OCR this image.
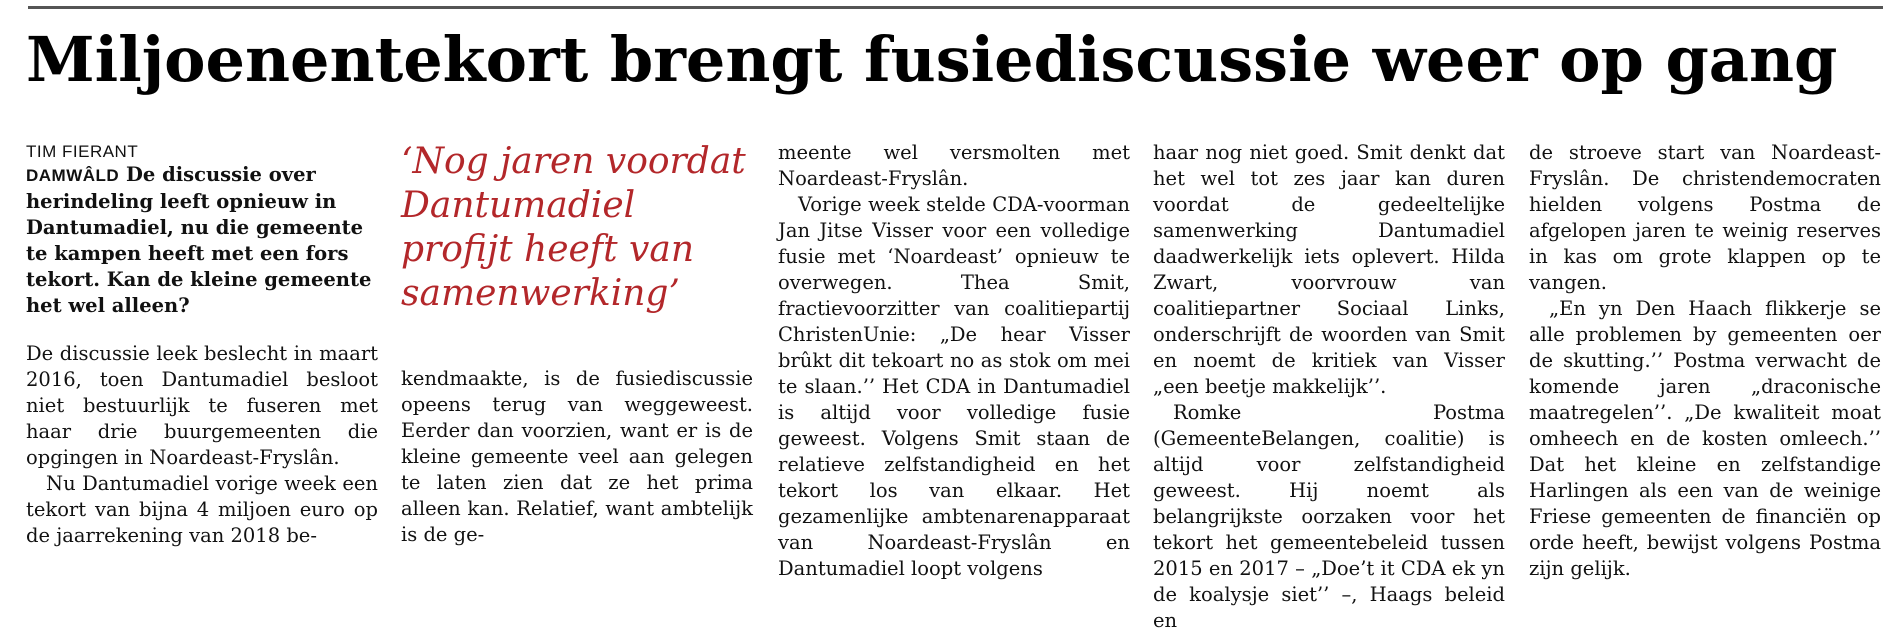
Miljoenentekort brengt fusiediscussie weer op gang

TIM FIERANT

DAMWÂLD De discussie over herindeling leeft opnieuw in Dantumadiel, nu die gemeente te kampen heeft met een fors tekort. Kan de kleine gemeente het wel alleen?

De discussie leek beslecht in maart 2016, toen Dantumadiel besloot niet bestuurlijk te fuseren met haar drie buurgemeenten die opgingen in Noardeast-Fryslân.

Nu Dantumadiel vorige week een tekort van bijna 4 miljoen euro op de jaarrekening van 2018 be-

‘Nog jaren voordat Dantumadiel profijt heeft van samenwerking’

kendmaakte, is de fusiediscussie opeens terug van weggeweest. Eerder dan voorzien, want er is de kleine gemeente veel aan gelegen te laten zien dat ze het prima alleen kan. Relatief, want ambtelijk is de ge-

meente wel versmolten met Noardeast-Fryslân.

Vorige week stelde CDA-voorman Jan Jitse Visser voor een volledige fusie met ‘Noardeast’ opnieuw te overwegen. Thea Smit, fractievoorzitter van coalitiepartij ChristenUnie: „De hear Visser brûkt dit tekoart no as stok om mei te slaan.’’ Het CDA in Dantumadiel is altijd voor volledige fusie geweest. Volgens Smit staan de relatieve zelfstandigheid en het tekort los van elkaar. Het gezamenlijke ambtenarenapparaat van Noardeast-Fryslân en Dantumadiel loopt volgens

haar nog niet goed. Smit denkt dat het wel tot zes jaar kan duren voordat de gedeeltelijke samenwerking Dantumadiel daadwerkelijk iets oplevert. Hilda Zwart, voorvrouw van coalitiepartner Sociaal Links, onderschrijft de woorden van Smit en noemt de kritiek van Visser „een beetje makkelijk’’.

Romke Postma (GemeenteBelangen, coalitie) is altijd voor zelfstandigheid geweest. Hij noemt als belangrijkste oorzaken voor het tekort het gemeentebeleid tussen 2015 en 2017 – „Doe’t it CDA ek yn de koalysje siet’’ –, Haags beleid en

de stroeve start van Noardeast-Fryslân. De christendemocraten hielden volgens Postma de afgelopen jaren te weinig reserves in kas om grote klappen op te vangen.

„En yn Den Haach flikkerje se alle problemen by gemeenten oer de skutting.’’ Postma verwacht de komende jaren „draconische maatregelen’’. „De kwaliteit moat omheech en de kosten omleech.’’ Dat het kleine en zelfstandige Harlingen als een van de weinige Friese gemeenten de financiën op orde heeft, bewijst volgens Postma zijn gelijk.
